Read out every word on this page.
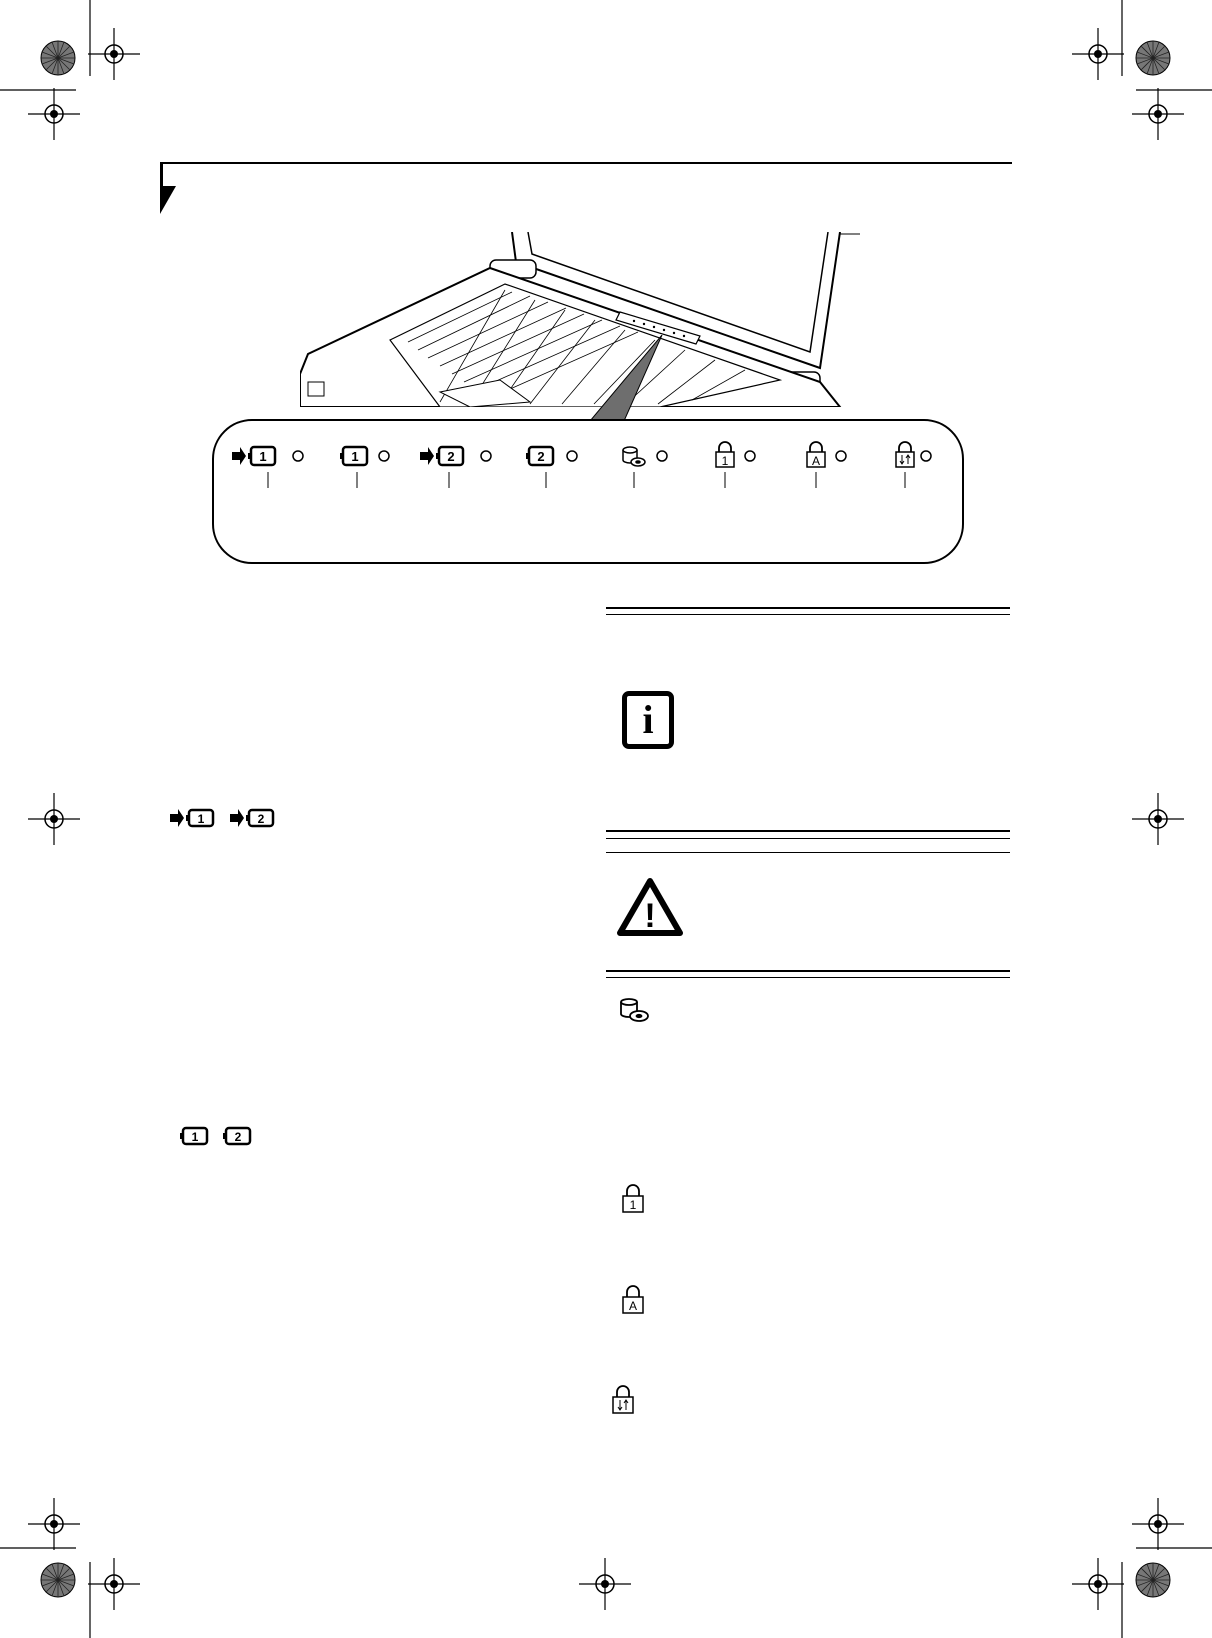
1	1	2	2	1	A
1	2
1	2
i
!
1
A
